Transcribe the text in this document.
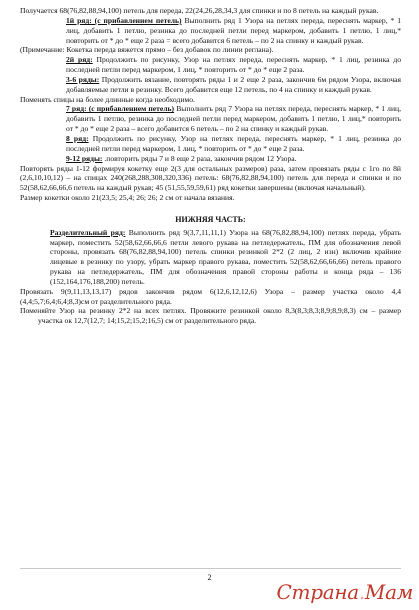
Получается 68(76,82,88,94,100) петель для переда, 22(24,26,28,34,3 для спинки и по 8 петель на каждый рукав.

1й ряд: (с прибавлением петель) Выполнить ряд 1 Узора на петлях переда, переснять маркер, * 1 лиц, добавить 1 петлю, резинка до последней петли перед маркером, добавить 1 петлю, 1 лиц,* повторить от * до * еще 2 раза = всего добавится 6 петель – по 2 на спинку и каждый рукав.

(Примечание: Кокетка переда вяжется прямо – без добавок по линии реглана).

2й ряд: Продолжить по рисунку, Узор на петлях переда, переснять маркер, * 1 лиц, резинка до последней петли перед маркером, 1 лиц, * повторить от * до * еще 2 раза.

3-6 ряды: Продолжить вязание, повторять ряды 1 и 2 еще 2 раза, закончив 6м рядом Узора, включая добавляемые петли в резинку. Всего добавится еще 12 петель, по 4 на спинку и каждый рукав.

Поменять спицы на более длинные когда необходимо.

7 ряд: (с прибавлением петель) Выполнить ряд 7 Узора на петлях переда, переснять маркер, * 1 лиц, добавить 1 петлю, резинка до последней петли перед маркером, добавить 1 петлю, 1 лиц,* повторить от * до * еще 2 раза – всего добавится 6 петель – по 2 на спинку и каждый рукав.

8 ряд: Продолжить по рисунку, Узор на петлях переда, переснять маркер, * 1 лиц, резинка до последней петли перед маркером, 1 лиц, * повторить от * до * еще 2 раза.

9-12 ряды: .повторить ряды 7 и 8 еще 2 раза, закончив рядом 12 Узора.

Повторять ряды 1-12 формируя кокетку еще 2(3 для остальных размеров) раза, затем провязать ряды с 1го по 8й (2,6,10,10,12) – на спицах 240(268,288,308,320,336) петель: 68(76,82,88,94,100) петель для переда и спинки и по 52(58,62,66,66,6 петель на каждый рукав; 45 (51,55,59,59,61) ряд кокетки завершены (включая начальный).

Размер кокетки около 21(23,5; 25,4; 26; 26; 2 см от начала вязания.

НИЖНЯЯ ЧАСТЬ:

Разделительный ряд: Выполнить ряд 9(3,7,11,11,1) Узора на 68(76,82,88,94,100) петлях переда, убрать маркер, поместить 52(58,62,66,66,6 петли левого рукава на петледержатель, ПМ для обозначения левой стороны, провязать 68(76,82,88,94,100) петель спинки резинкой 2*2 (2 лиц, 2 изн) включив крайние лицевые в резинку по узору, убрать маркер правого рукава, поместить 52(58,62,66,66,66) петель правого рукава на петледержатель, ПМ для обозначения правой стороны работы и конца ряда – 136 (152,164,176,188,200) петель.

Провязать 9(9,11,13,13,17) рядов закончив рядом 6(12,6,12,12,6) Узора – размер участка около 4,4 (4,4;5,7;6,4;6,4;8,3)см от разделительного ряда.

Поменяйте Узор на резинку 2*2 на всех петлях. Провяжите резинкой около 8,3(8,3;8,3;8,9;8,9;8,3) см – размер участка ок 12,7(12,7; 14;15,2;15,2;16,5) см от разделительного ряда.

2
Страна.Мам
